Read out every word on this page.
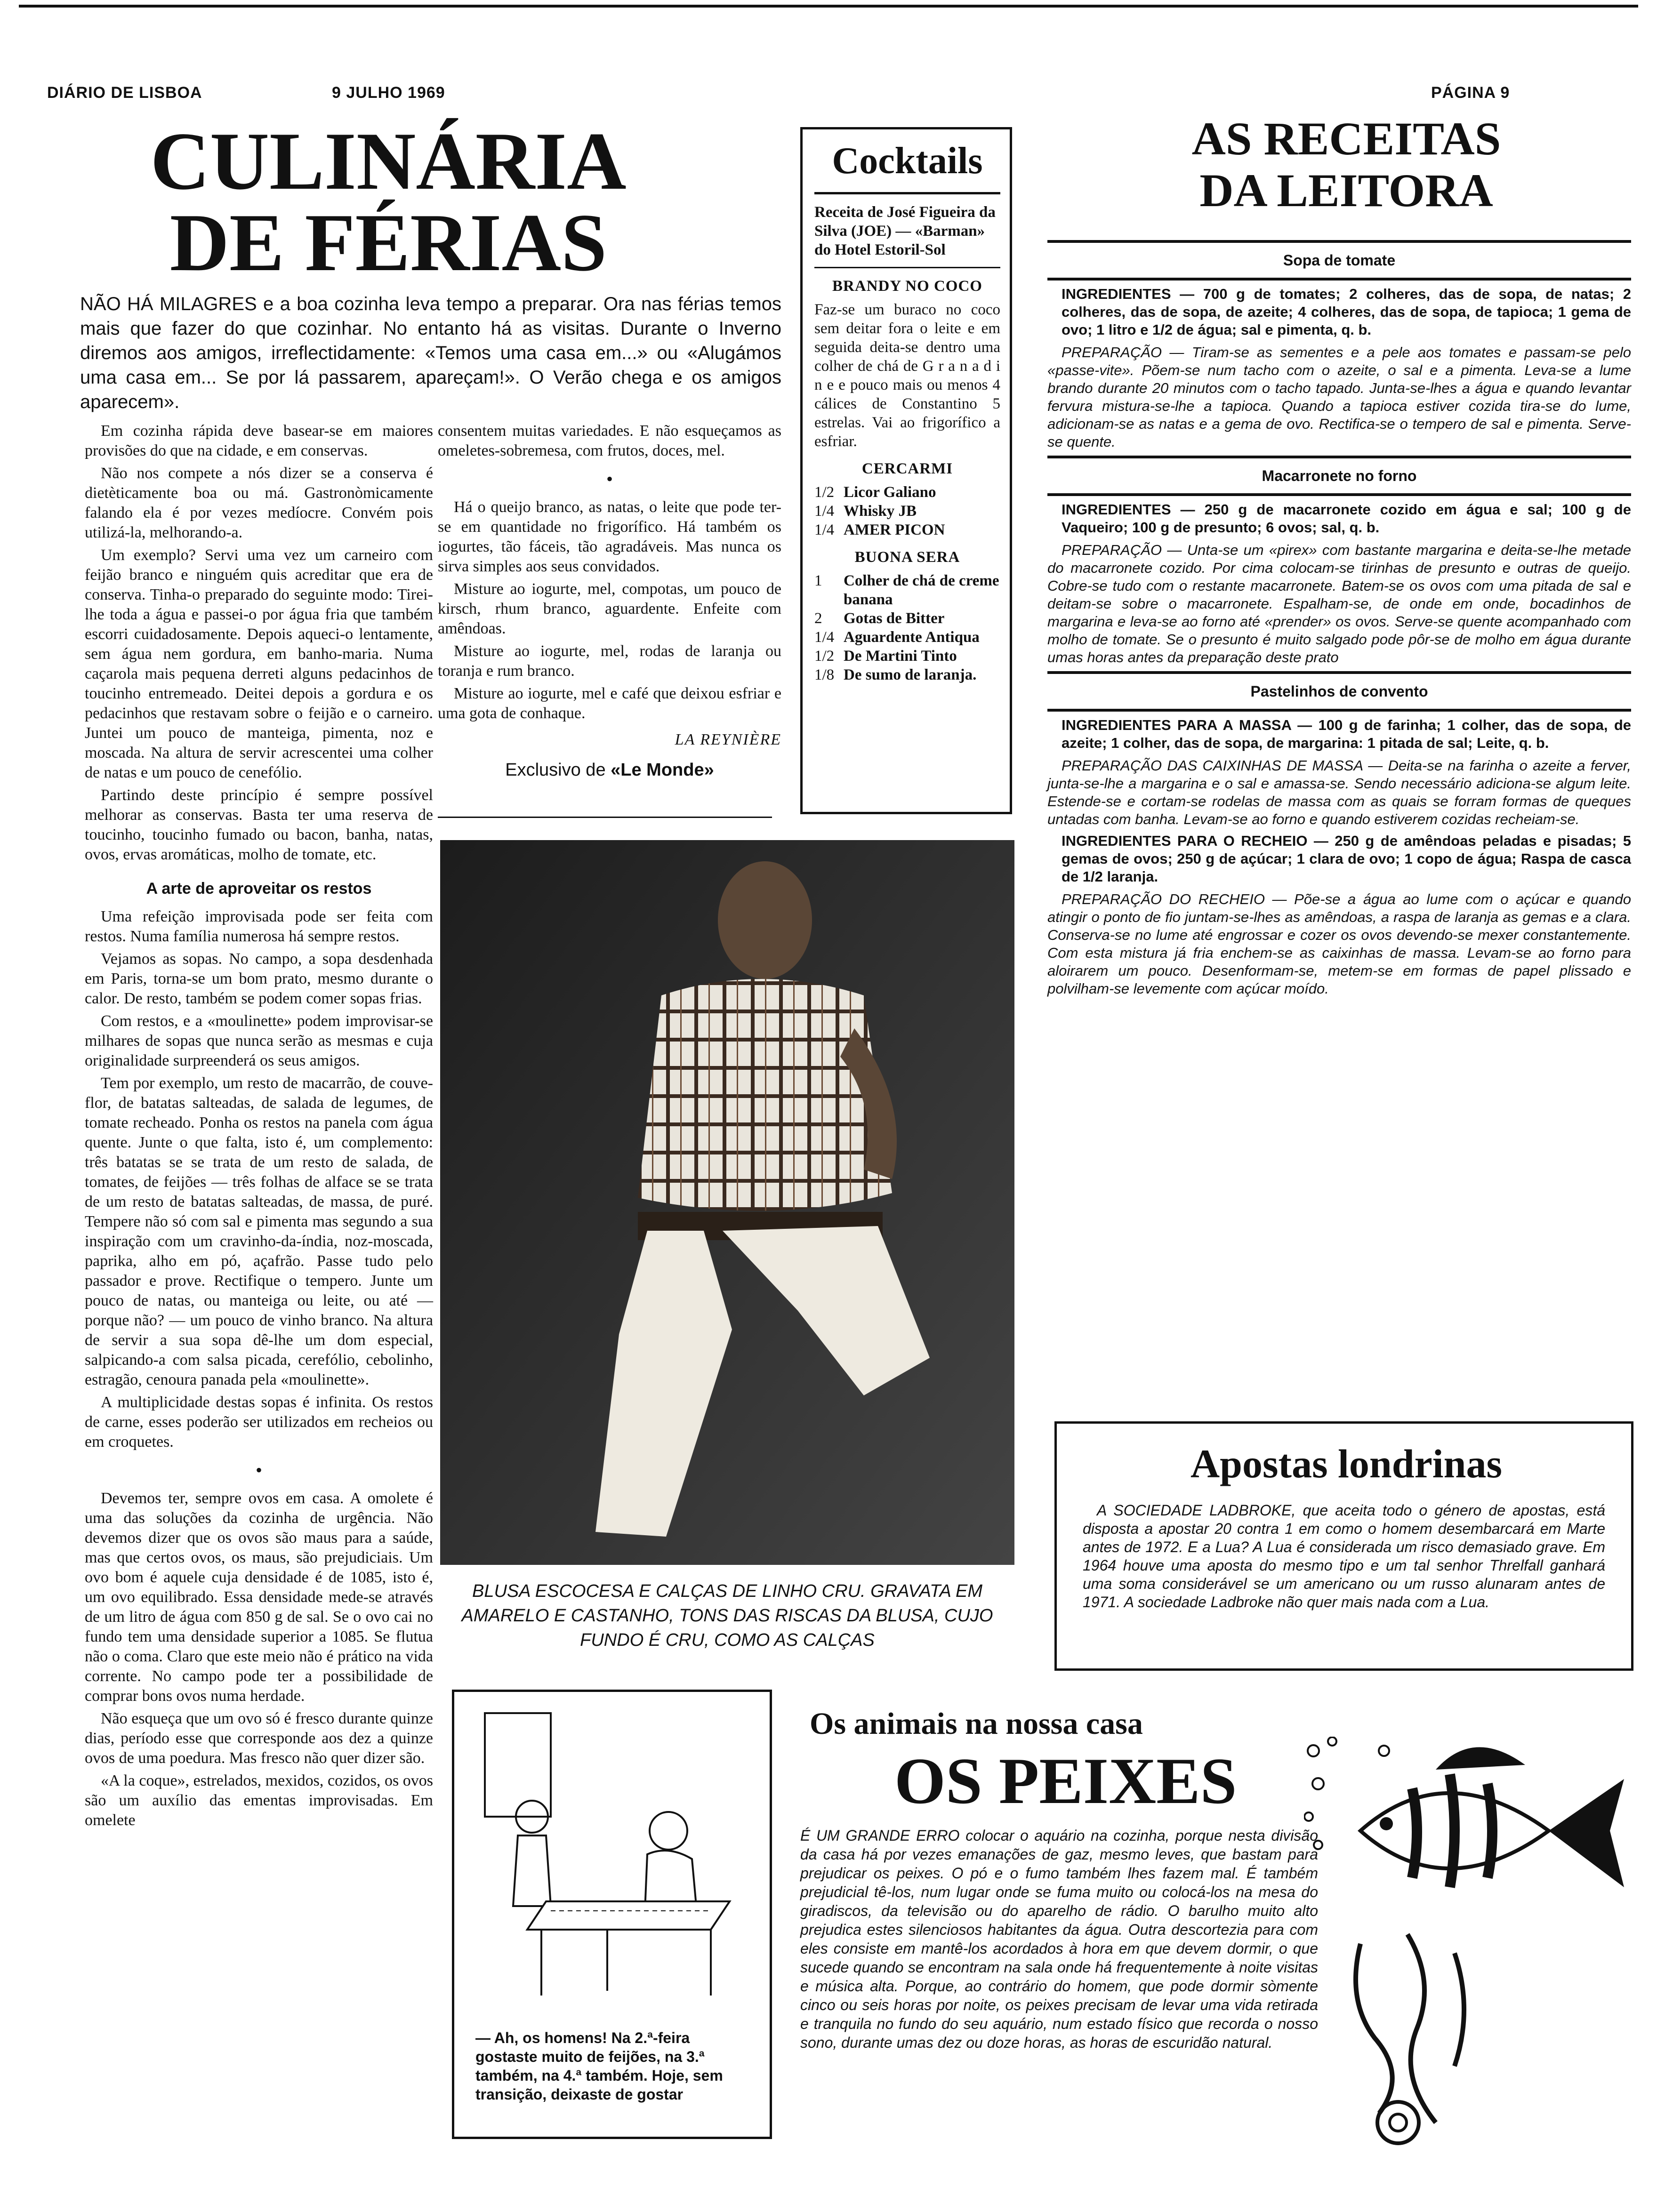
DIÁRIO DE LISBOA	9 JULHO 1969	PÁGINA 9
CULINÁRIA
DE FÉRIAS
NÃO HÁ MILAGRES e a boa cozinha leva tempo a preparar. Ora nas férias temos mais que fazer do que cozinhar. No entanto há as visitas. Durante o Inverno diremos aos amigos, irreflectidamente: «Temos uma casa em...» ou «Alugámos uma casa em... Se por lá passarem, apareçam!». O Verão chega e os amigos aparecem».

Em cozinha rápida deve basear-se em maiores provisões do que na cidade, e em conservas.

Não nos compete a nós dizer se a conserva é dietèticamente boa ou má. Gastronòmicamente falando ela é por vezes medíocre. Convém pois utilizá-la, melhorando-a.

Um exemplo? Servi uma vez um carneiro com feijão branco e ninguém quis acreditar que era de conserva. Tinha-o preparado do seguinte modo: Tirei-lhe toda a água e passei-o por água fria que também escorri cuidadosamente. Depois aqueci-o lentamente, sem água nem gordura, em banho-maria. Numa caçarola mais pequena derreti alguns pedacinhos de toucinho entremeado. Deitei depois a gordura e os pedacinhos que restavam sobre o feijão e o carneiro. Juntei um pouco de manteiga, pimenta, noz e moscada. Na altura de servir acrescentei uma colher de natas e um pouco de cenefólio.

Partindo deste princípio é sempre possível melhorar as conservas. Basta ter uma reserva de toucinho, toucinho fumado ou bacon, banha, natas, ovos, ervas aromáticas, molho de tomate, etc.

A arte de aproveitar os restos

Uma refeição improvisada pode ser feita com restos. Numa família numerosa há sempre restos.

Vejamos as sopas. No campo, a sopa desdenhada em Paris, torna-se um bom prato, mesmo durante o calor. De resto, também se podem comer sopas frias.

Com restos, e a «moulinette» podem improvisar-se milhares de sopas que nunca serão as mesmas e cuja originalidade surpreenderá os seus amigos.

Tem por exemplo, um resto de macarrão, de couve-flor, de batatas salteadas, de salada de legumes, de tomate recheado. Ponha os restos na panela com água quente. Junte o que falta, isto é, um complemento: três batatas se se trata de um resto de salada, de tomates, de feijões — três folhas de alface se se trata de um resto de batatas salteadas, de massa, de puré. Tempere não só com sal e pimenta mas segundo a sua inspiração com um cravinho-da-índia, noz-moscada, paprika, alho em pó, açafrão. Passe tudo pelo passador e prove. Rectifique o tempero. Junte um pouco de natas, ou manteiga ou leite, ou até — porque não? — um pouco de vinho branco. Na altura de servir a sua sopa dê-lhe um dom especial, salpicando-a com salsa picada, cerefólio, cebolinho, estragão, cenoura panada pela «moulinette».

A multiplicidade destas sopas é infinita. Os restos de carne, esses poderão ser utilizados em recheios ou em croquetes.

•

Devemos ter, sempre ovos em casa. A omolete é uma das soluções da cozinha de urgência. Não devemos dizer que os ovos são maus para a saúde, mas que certos ovos, os maus, são prejudiciais. Um ovo bom é aquele cuja densidade é de 1085, isto é, um ovo equilibrado. Essa densidade mede-se através de um litro de água com 850 g de sal. Se o ovo cai no fundo tem uma densidade superior a 1085. Se flutua não o coma. Claro que este meio não é prático na vida corrente. No campo pode ter a possibilidade de comprar bons ovos numa herdade.

Não esqueça que um ovo só é fresco durante quinze dias, período esse que corresponde aos dez a quinze ovos de uma poedura. Mas fresco não quer dizer são.

«A la coque», estrelados, mexidos, cozidos, os ovos são um auxílio das ementas improvisadas. Em omelete

consentem muitas variedades. E não esqueçamos as omeletes-sobremesa, com frutos, doces, mel.

•

Há o queijo branco, as natas, o leite que pode ter-se em quantidade no frigorífico. Há também os iogurtes, tão fáceis, tão agradáveis. Mas nunca os sirva simples aos seus convidados.

Misture ao iogurte, mel, compotas, um pouco de kirsch, rhum branco, aguardente. Enfeite com amêndoas.

Misture ao iogurte, mel, rodas de laranja ou toranja e rum branco.

Misture ao iogurte, mel e café que deixou esfriar e uma gota de conhaque.

LA REYNIÈRE
Exclusivo de «Le Monde»
Cocktails
Receita de José Figueira da Silva (JOE) — «Barman» do Hotel Estoril-Sol
BRANDY NO COCO
Faz-se um buraco no coco sem deitar fora o leite e em seguida deita-se dentro uma colher de chá de G r a n a d i n e e pouco mais ou menos 4 cálices de Constantino 5 estrelas. Vai ao frigorífico a esfriar.
CERCARMI
1/2 Licor Galiano
1/4 Whisky JB
1/4 AMER PICON
BUONA SERA
1	Colher de chá de creme banana
2	Gotas de Bitter
1/4 Aguardente Antiqua
1/2 De Martini Tinto
1/8 De sumo de laranja.
BLUSA ESCOCESA E CALÇAS DE LINHO CRU. GRAVATA EM AMARELO E CASTANHO, TONS DAS RISCAS DA BLUSA, CUJO FUNDO É CRU, COMO AS CALÇAS
AS RECEITAS
DA LEITORA
Sopa de tomate
INGREDIENTES — 700 g de tomates; 2 colheres, das de sopa, de natas; 2 colheres, das de sopa, de azeite; 4 colheres, das de sopa, de tapioca; 1 gema de ovo; 1 litro e 1/2 de água; sal e pimenta, q. b.
PREPARAÇÃO — Tiram-se as sementes e a pele aos tomates e passam-se pelo «passe-vite». Põem-se num tacho com o azeite, o sal e a pimenta. Leva-se a lume brando durante 20 minutos com o tacho tapado. Junta-se-lhes a água e quando levantar fervura mistura-se-lhe a tapioca. Quando a tapioca estiver cozida tira-se do lume, adicionam-se as natas e a gema de ovo. Rectifica-se o tempero de sal e pimenta. Serve-se quente.
Macarronete no forno
INGREDIENTES — 250 g de macarronete cozido em água e sal; 100 g de Vaqueiro; 100 g de presunto; 6 ovos; sal, q. b.
PREPARAÇÃO — Unta-se um «pirex» com bastante margarina e deita-se-lhe metade do macarronete cozido. Por cima colocam-se tirinhas de presunto e outras de queijo. Cobre-se tudo com o restante macarronete. Batem-se os ovos com uma pitada de sal e deitam-se sobre o macarronete. Espalham-se, de onde em onde, bocadinhos de margarina e leva-se ao forno até «prender» os ovos. Serve-se quente acompanhado com molho de tomate. Se o presunto é muito salgado pode pôr-se de molho em água durante umas horas antes da preparação deste prato
Pastelinhos de convento
INGREDIENTES PARA A MASSA — 100 g de farinha; 1 colher, das de sopa, de azeite; 1 colher, das de sopa, de margarina: 1 pitada de sal; Leite, q. b.
PREPARAÇÃO DAS CAIXINHAS DE MASSA — Deita-se na farinha o azeite a ferver, junta-se-lhe a margarina e o sal e amassa-se. Sendo necessário adiciona-se algum leite. Estende-se e cortam-se rodelas de massa com as quais se forram formas de queques untadas com banha. Levam-se ao forno e quando estiverem cozidas recheiam-se.
INGREDIENTES PARA O RECHEIO — 250 g de amêndoas peladas e pisadas; 5 gemas de ovos; 250 g de açúcar; 1 clara de ovo; 1 copo de água; Raspa de casca de 1/2 laranja.
PREPARAÇÃO DO RECHEIO — Põe-se a água ao lume com o açúcar e quando atingir o ponto de fio juntam-se-lhes as amêndoas, a raspa de laranja as gemas e a clara. Conserva-se no lume até engrossar e cozer os ovos devendo-se mexer constantemente. Com esta mistura já fria enchem-se as caixinhas de massa. Levam-se ao forno para aloirarem um pouco. Desenformam-se, metem-se em formas de papel plissado e polvilham-se levemente com açúcar moído.
Apostas londrinas
A SOCIEDADE LADBROKE, que aceita todo o género de apostas, está disposta a apostar 20 contra 1 em como o homem desembarcará em Marte antes de 1972. E a Lua? A Lua é considerada um risco demasiado grave. Em 1964 houve uma aposta do mesmo tipo e um tal senhor Threlfall ganhará uma soma considerável se um americano ou um russo alunaram antes de 1971. A sociedade Ladbroke não quer mais nada com a Lua.
— Ah, os homens! Na 2.ª-feira gostaste muito de feijões, na 3.ª também, na 4.ª também. Hoje, sem transição, deixaste de gostar
Os animais na nossa casa
OS PEIXES
É UM GRANDE ERRO colocar o aquário na cozinha, porque nesta divisão da casa há por vezes emanações de gaz, mesmo leves, que bastam para prejudicar os peixes. O pó e o fumo também lhes fazem mal. É também prejudicial tê-los, num lugar onde se fuma muito ou colocá-los na mesa do giradiscos, da televisão ou do aparelho de rádio. O barulho muito alto prejudica estes silenciosos habitantes da água. Outra descortezia para com eles consiste em mantê-los acordados à hora em que devem dormir, o que sucede quando se encontram na sala onde há frequentemente à noite visitas e música alta. Porque, ao contrário do homem, que pode dormir sòmente cinco ou seis horas por noite, os peixes precisam de levar uma vida retirada e tranquila no fundo do seu aquário, num estado físico que recorda o nosso sono, durante umas dez ou doze horas, as horas de escuridão natural.
